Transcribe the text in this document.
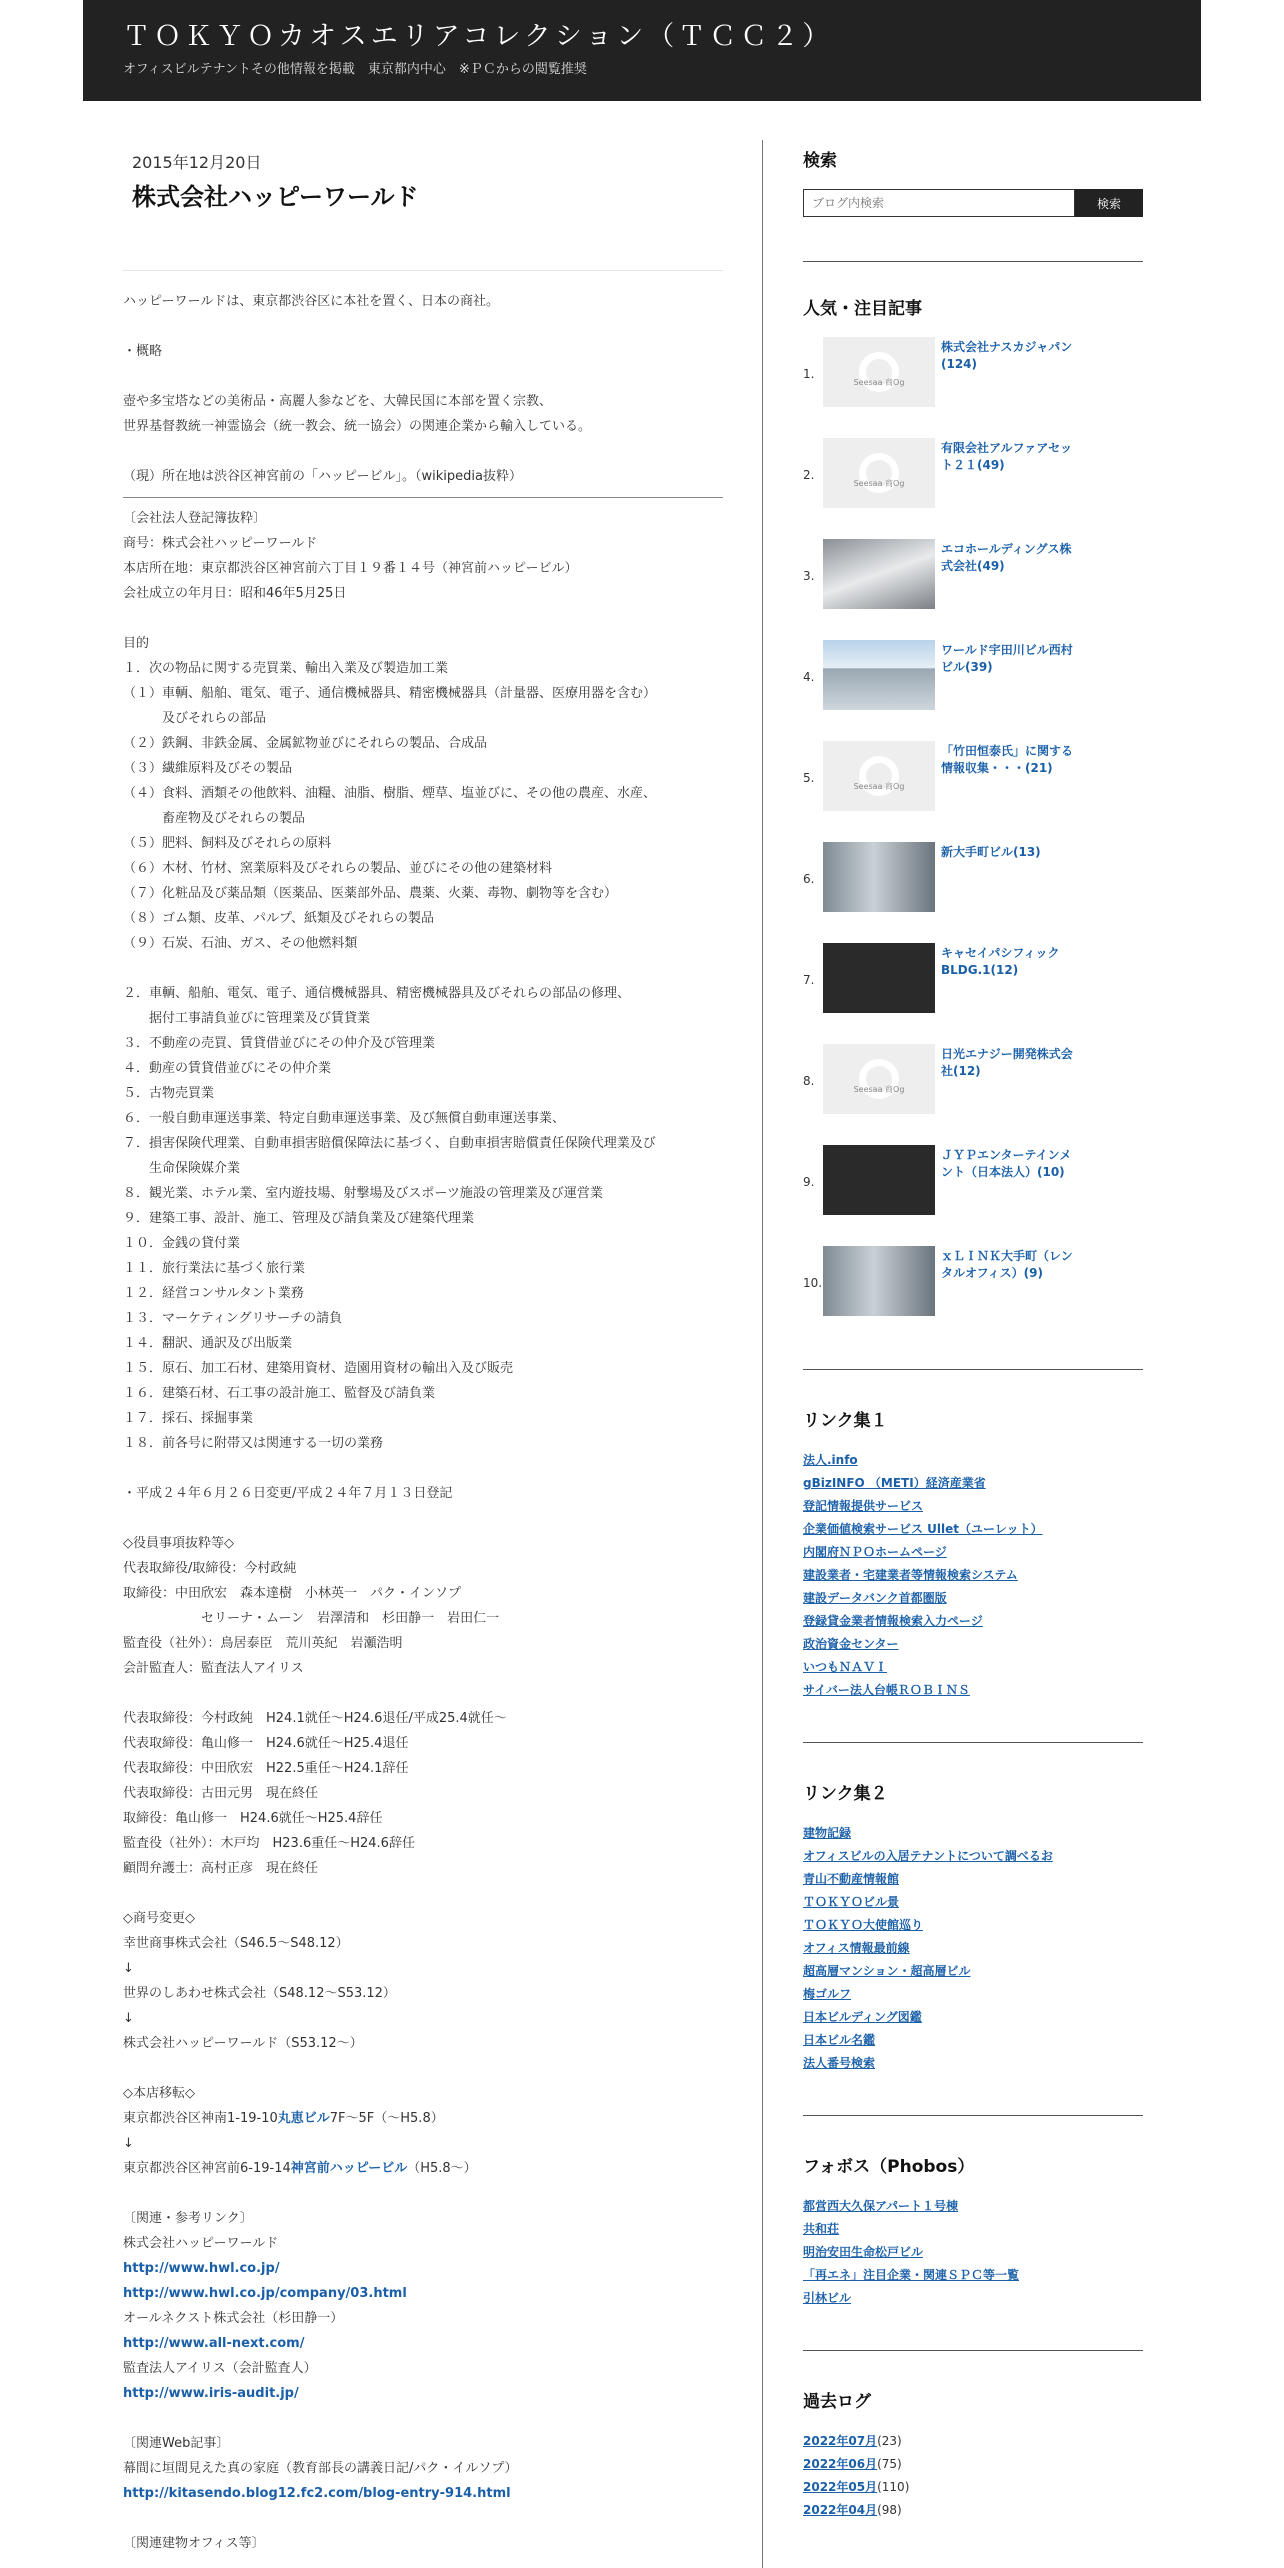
ＴＯＫＹＯカオスエリアコレクション（ＴＣＣ２）
オフィスビルテナントその他情報を掲載　東京都内中心　※ＰＣからの閲覧推奨
2015年12月20日
株式会社ハッピーワールド
ハッピーワールドは、東京都渋谷区に本社を置く、日本の商社。
・概略
壺や多宝塔などの美術品・高麗人参などを、大韓民国に本部を置く宗教、
世界基督教統一神霊協会（統一教会、統一協会）の関連企業から輸入している。
（現）所在地は渋谷区神宮前の「ハッピービル」。（wikipedia抜粋）
〔会社法人登記簿抜粋〕
商号：株式会社ハッピーワールド
本店所在地：東京都渋谷区神宮前六丁目１９番１４号（神宮前ハッピービル）
会社成立の年月日：昭和46年5月25日
目的
１．次の物品に関する売買業、輸出入業及び製造加工業
（１）車輌、船舶、電気、電子、通信機械器具、精密機械器具（計量器、医療用器を含む）
　　　及びそれらの部品
（２）鉄鋼、非鉄金属、金属鉱物並びにそれらの製品、合成品
（３）繊維原料及びその製品
（４）食料、酒類その他飲料、油糧、油脂、樹脂、煙草、塩並びに、その他の農産、水産、
　　　畜産物及びそれらの製品
（５）肥料、飼料及びそれらの原料
（６）木材、竹材、窯業原料及びそれらの製品、並びにその他の建築材料
（７）化粧品及び薬品類（医薬品、医薬部外品、農薬、火薬、毒物、劇物等を含む）
（８）ゴム類、皮革、パルプ、紙類及びそれらの製品
（９）石炭、石油、ガス、その他燃料類
２．車輌、船舶、電気、電子、通信機械器具、精密機械器具及びそれらの部品の修理、
　　据付工事請負並びに管理業及び賃貸業
３．不動産の売買、賃貸借並びにその仲介及び管理業
４．動産の賃貸借並びにその仲介業
５．古物売買業
６．一般自動車運送事業、特定自動車運送事業、及び無償自動車運送事業、
７．損害保険代理業、自動車損害賠償保障法に基づく、自動車損害賠償責任保険代理業及び
　　生命保険媒介業
８．観光業、ホテル業、室内遊技場、射撃場及びスポーツ施設の管理業及び運営業
９．建築工事、設計、施工、管理及び請負業及び建築代理業
１０．金銭の貸付業
１１．旅行業法に基づく旅行業
１２．経営コンサルタント業務
１３．マーケティングリサーチの請負
１４．翻訳、通訳及び出版業
１５．原石、加工石材、建築用資材、造園用資材の輸出入及び販売
１６．建築石材、石工事の設計施工、監督及び請負業
１７．採石、採掘事業
１８．前各号に附帯又は関連する一切の業務
・平成２４年６月２６日変更/平成２４年７月１３日登記
◇役員事項抜粋等◇
代表取締役/取締役：今村政純
取締役：中田欣宏　森本達樹　小林英一　パク・インソプ
　　　　　　セリーナ・ムーン　岩澤清和　杉田静一　岩田仁一
監査役（社外）：鳥居泰臣　荒川英紀　岩瀬浩明
会計監査人：監査法人アイリス
代表取締役：今村政純　H24.1就任～H24.6退任/平成25.4就任～
代表取締役：亀山修一　H24.6就任～H25.4退任
代表取締役：中田欣宏　H22.5重任～H24.1辞任
代表取締役：古田元男　現在終任
取締役：亀山修一　H24.6就任～H25.4辞任
監査役（社外）：木戸均　H23.6重任～H24.6辞任
顧問弁護士：高村正彦　現在終任
◇商号変更◇
幸世商事株式会社（S46.5～S48.12）
↓
世界のしあわせ株式会社（S48.12～S53.12）
↓
株式会社ハッピーワールド（S53.12～）
◇本店移転◇
東京都渋谷区神南1-19-10丸恵ビル7F～5F（～H5.8）
↓
東京都渋谷区神宮前6-19-14神宮前ハッピービル（H5.8～）
〔関連・参考リンク〕
株式会社ハッピーワールド
http://www.hwl.co.jp/
http://www.hwl.co.jp/company/03.html
オールネクスト株式会社（杉田静一）
http://www.all-next.com/
監査法人アイリス（会計監査人）
http://www.iris-audit.jp/
〔関連Web記事〕
幕間に垣間見えた真の家庭（教育部長の講義日記/パク・イルソプ）
http://kitasendo.blog12.fc2.com/blog-entry-914.html
〔関連建物オフィス等〕
検索
ブログ内検索
検索
人気・注目記事
1.
Seesaa 商Og
株式会社ナスカジャパン(124)
2.
Seesaa 商Og
有限会社アルファアセット２１(49)
3.
エコホールディングス株式会社(49)
4.
ワールド宇田川ビル西村ビル(39)
5.
Seesaa 商Og
「竹田恒泰氏」に関する情報収集・・・(21)
6.
新大手町ビル(13)
7.
キャセイパシフィックBLDG.1(12)
8.
Seesaa 商Og
日光エナジー開発株式会社(12)
9.
ＪＹＰエンターテインメント（日本法人）(10)
10.
ｘＬＩＮＫ大手町（レンタルオフィス）(9)
リンク集１
法人.info
gBizINFO （METI）経済産業省
登記情報提供サービス
企業価値検索サービス Ullet（ユーレット）
内閣府ＮＰＯホームページ
建設業者・宅建業者等情報検索システム
建設データバンク首都圏版
登録貸金業者情報検索入力ページ
政治資金センター
いつもＮＡＶＩ
サイバー法人台帳ＲＯＢＩＮＳ
リンク集２
建物記録
オフィスビルの入居テナントについて調べるお
青山不動産情報館
ＴＯＫＹＯビル景
ＴＯＫＹＯ大使館巡り
オフィス情報最前線
超高層マンション・超高層ビル
梅ゴルフ
日本ビルディング図鑑
日本ビル名鑑
法人番号検索
フォボス（Phobos）
都営西大久保アパート１号棟
共和荘
明治安田生命松戸ビル
「再エネ」注目企業・関連ＳＰＣ等一覧
引林ビル
過去ログ
2022年07月(23)
2022年06月(75)
2022年05月(110)
2022年04月(98)
